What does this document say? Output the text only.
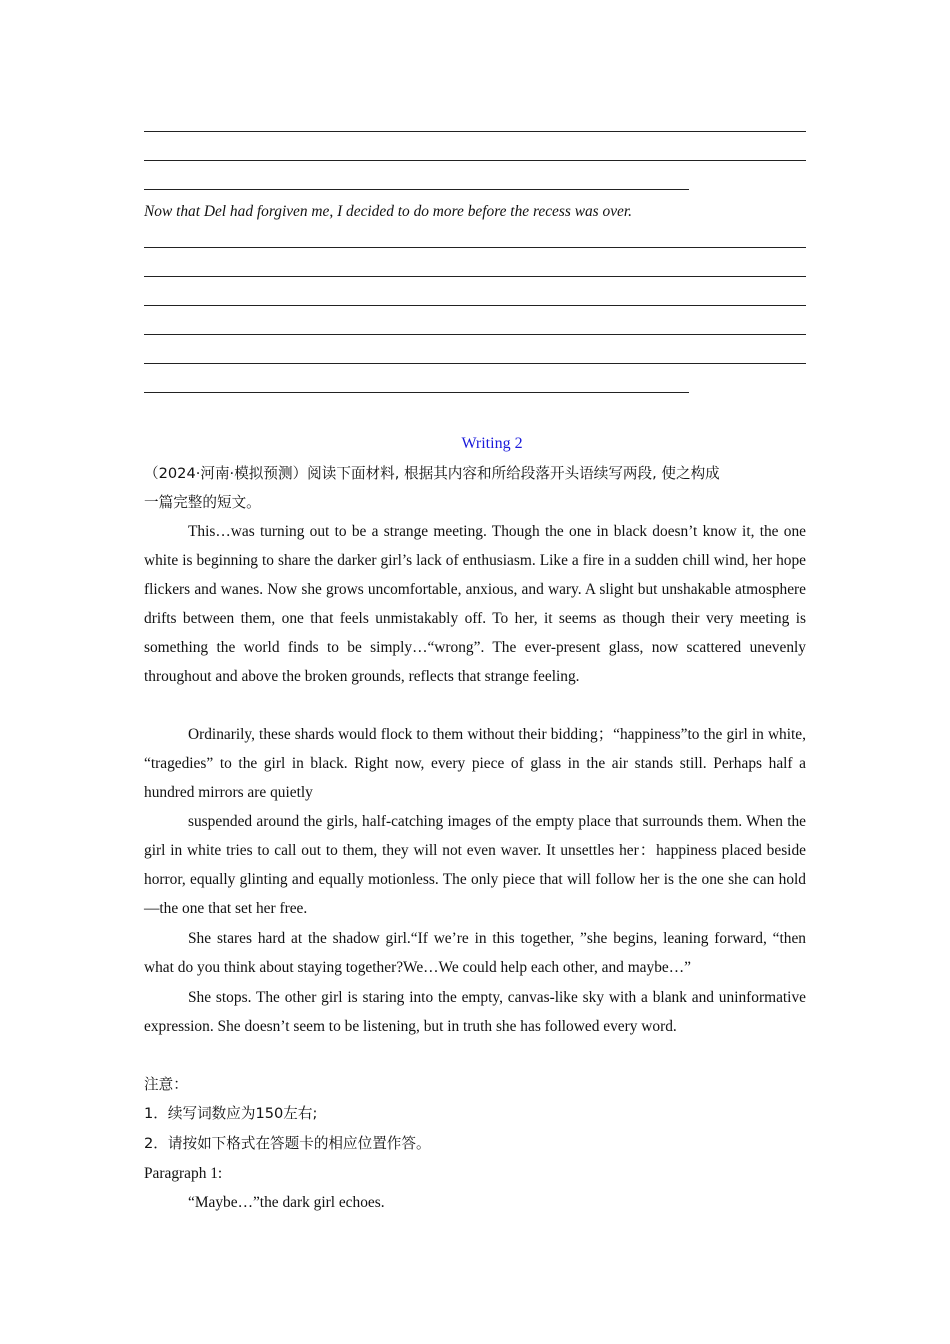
Now that Del had forgiven me, I decided to do more before the recess was over.
Writing 2
（2024·河南·模拟预测）阅读下面材料, 根据其内容和所给段落开头语续写两段, 使之构成
一篇完整的短文。
This…was turning out to be a strange meeting. Though the one in black doesn’t know it, the one white is beginning to share the darker girl’s lack of enthusiasm. Like a fire in a sudden chill wind, her hope flickers and wanes. Now she grows uncomfortable, anxious, and wary. A slight but unshakable atmosphere drifts between them, one that feels unmistakably off. To her, it seems as though their very meeting is something the world finds to be simply…“wrong”. The ever-present glass, now scattered unevenly throughout and above the broken grounds, reflects that strange feeling.
Ordinarily, these shards would flock to them without their bidding；“happiness”to the girl in white, “tragedies” to the girl in black. Right now, every piece of glass in the air stands still. Perhaps half a hundred mirrors are quietly
suspended around the girls, half-catching images of the empty place that surrounds them. When the girl in white tries to call out to them, they will not even waver. It unsettles her：happiness placed beside horror, equally glinting and equally motionless. The only piece that will follow her is the one she can hold—the one that set her free.
She stares hard at the shadow girl.“If we’re in this together, ”she begins, leaning forward, “then what do you think about staying together?We…We could help each other, and maybe…”
She stops. The other girl is staring into the empty, canvas-like sky with a blank and uninformative expression. She doesn’t seem to be listening, but in truth she has followed every word.
注意：
1．续写词数应为150左右;
2．请按如下格式在答题卡的相应位置作答。
Paragraph 1:
“Maybe…”the dark girl echoes.
